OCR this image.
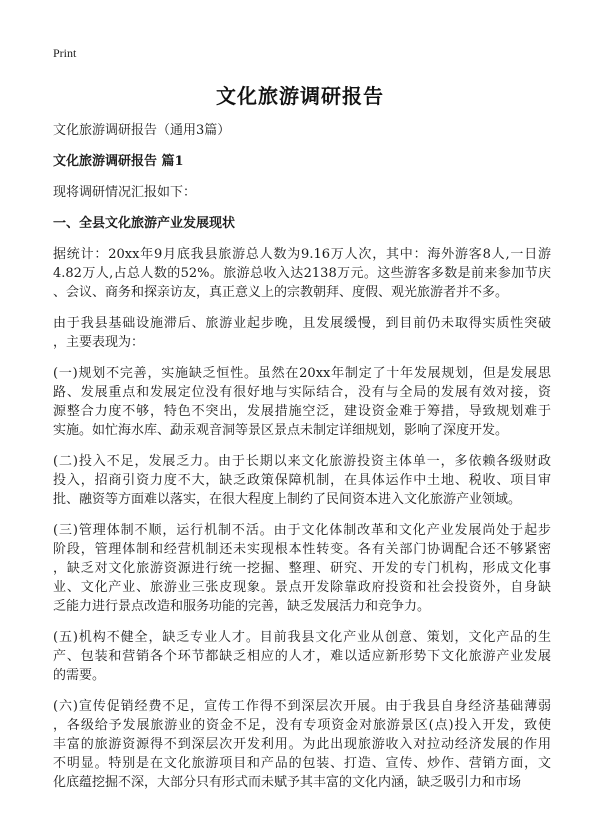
Print
文化旅游调研报告
文化旅游调研报告（通用3篇）
文化旅游调研报告 篇1
现将调研情况汇报如下：
一、全县文化旅游产业发展现状
据统计：20xx年9月底我县旅游总人数为9.16万人次，其中：海外游客8人,一日游
4.82万人,占总人数的52%。旅游总收入达2138万元。这些游客多数是前来参加节庆
、会议、商务和探亲访友，真正意义上的宗教朝拜、度假、观光旅游者并不多。
由于我县基础设施滞后、旅游业起步晚，且发展缓慢，到目前仍未取得实质性突破
，主要表现为：
(一)规划不完善，实施缺乏恒性。虽然在20xx年制定了十年发展规划，但是发展思
路、发展重点和发展定位没有很好地与实际结合，没有与全局的发展有效对接，资
源整合力度不够，特色不突出，发展措施空泛，建设资金难于筹措，导致规划难于
实施。如忙海水库、勐汞观音洞等景区景点未制定详细规划，影响了深度开发。
(二)投入不足，发展乏力。由于长期以来文化旅游投资主体单一，多依赖各级财政
投入，招商引资力度不大，缺乏政策保障机制，在具体运作中土地、税收、项目审
批、融资等方面难以落实，在很大程度上制约了民间资本进入文化旅游产业领域。
(三)管理体制不顺，运行机制不活。由于文化体制改革和文化产业发展尚处于起步
阶段，管理体制和经营机制还未实现根本性转变。各有关部门协调配合还不够紧密
，缺乏对文化旅游资源进行统一挖掘、整理、研究、开发的专门机构，形成文化事
业、文化产业、旅游业三张皮现象。景点开发除靠政府投资和社会投资外，自身缺
乏能力进行景点改造和服务功能的完善，缺乏发展活力和竞争力。
(五)机构不健全，缺乏专业人才。目前我县文化产业从创意、策划，文化产品的生
产、包装和营销各个环节都缺乏相应的人才，难以适应新形势下文化旅游产业发展
的需要。
(六)宣传促销经费不足，宣传工作得不到深层次开展。由于我县自身经济基础薄弱
，各级给予发展旅游业的资金不足，没有专项资金对旅游景区(点)投入开发，致使
丰富的旅游资源得不到深层次开发利用。为此出现旅游收入对拉动经济发展的作用
不明显。特别是在文化旅游项目和产品的包装、打造、宣传、炒作、营销方面，文
化底蕴挖掘不深，大部分只有形式而未赋予其丰富的文化内涵，缺乏吸引力和市场
